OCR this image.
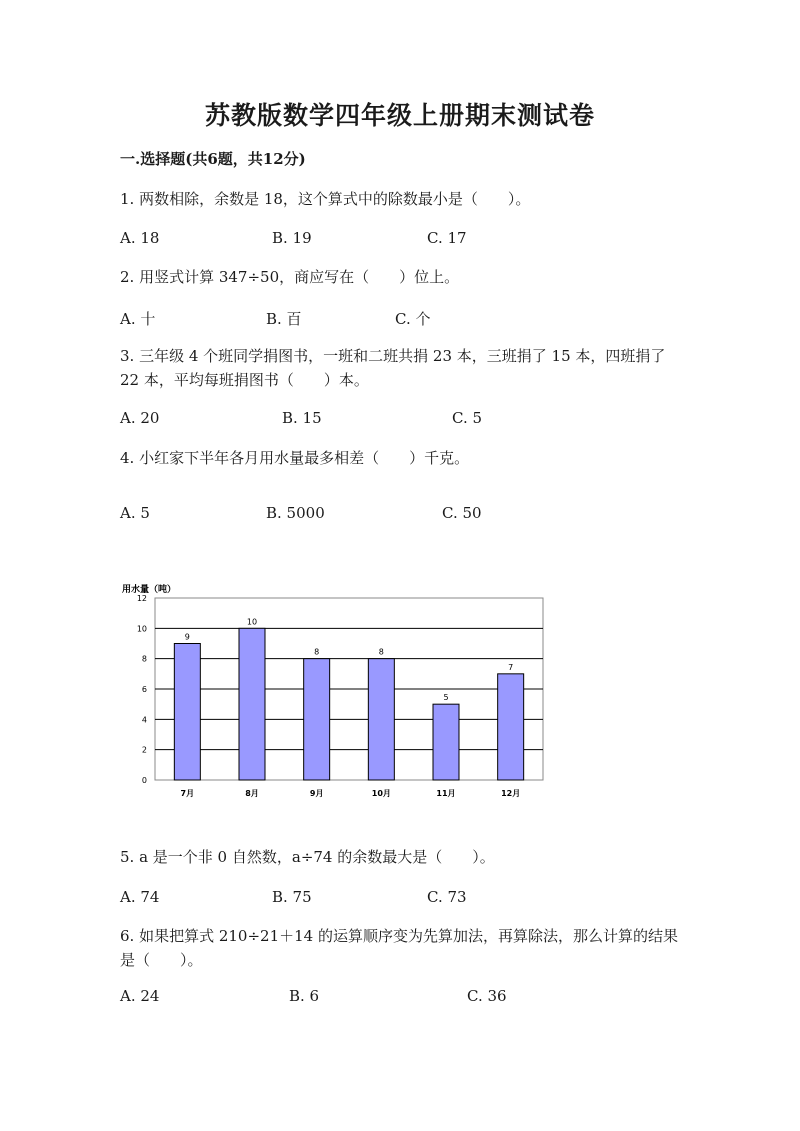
苏教版数学四年级上册期末测试卷
一.选择题(共6题，共12分)
1. 两数相除，余数是 18，这个算式中的除数最小是（　　）。
A. 18	B. 19	C. 17
2. 用竖式计算 347÷50，商应写在（　　）位上。
A. 十	B. 百	C. 个
3. 三年级 4 个班同学捐图书，一班和二班共捐 23 本，三班捐了 15 本，四班捐了 22 本，平均每班捐图书（　　）本。
A. 20	B. 15	C. 5
4. 小红家下半年各月用水量最多相差（　　）千克。
A. 5	B. 5000	C. 50
用水量（吨）
0
2
4
6
8
10
12
9
7月
10
8月
8
9月
8
10月
5
11月
7
12月
5. a 是一个非 0 自然数，a÷74 的余数最大是（　　）。
A. 74	B. 75	C. 73
6. 如果把算式 210÷21＋14 的运算顺序变为先算加法，再算除法，那么计算的结果是（　　）。
A. 24	B. 6	C. 36
